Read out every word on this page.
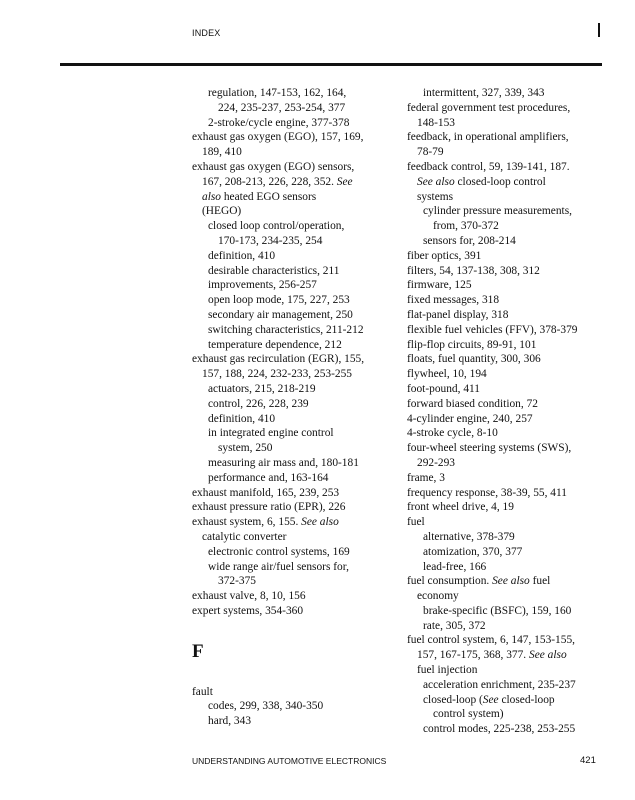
INDEX
regulation, 147-153, 162, 164,
224, 235-237, 253-254, 377
2-stroke/cycle engine, 377-378
exhaust gas oxygen (EGO), 157, 169,
189, 410
exhaust gas oxygen (EGO) sensors,
167, 208-213, 226, 228, 352. See
also heated EGO sensors
(HEGO)
closed loop control/operation,
170-173, 234-235, 254
definition, 410
desirable characteristics, 211
improvements, 256-257
open loop mode, 175, 227, 253
secondary air management, 250
switching characteristics, 211-212
temperature dependence, 212
exhaust gas recirculation (EGR), 155,
157, 188, 224, 232-233, 253-255
actuators, 215, 218-219
control, 226, 228, 239
definition, 410
in integrated engine control
system, 250
measuring air mass and, 180-181
performance and, 163-164
exhaust manifold, 165, 239, 253
exhaust pressure ratio (EPR), 226
exhaust system, 6, 155. See also
catalytic converter
electronic control systems, 169
wide range air/fuel sensors for,
372-375
exhaust valve, 8, 10, 156
expert systems, 354-360
F
fault
codes, 299, 338, 340-350
hard, 343
intermittent, 327, 339, 343
federal government test procedures,
148-153
feedback, in operational amplifiers,
78-79
feedback control, 59, 139-141, 187.
See also closed-loop control
systems
cylinder pressure measurements,
from, 370-372
sensors for, 208-214
fiber optics, 391
filters, 54, 137-138, 308, 312
firmware, 125
fixed messages, 318
flat-panel display, 318
flexible fuel vehicles (FFV), 378-379
flip-flop circuits, 89-91, 101
floats, fuel quantity, 300, 306
flywheel, 10, 194
foot-pound, 411
forward biased condition, 72
4-cylinder engine, 240, 257
4-stroke cycle, 8-10
four-wheel steering systems (SWS),
292-293
frame, 3
frequency response, 38-39, 55, 411
front wheel drive, 4, 19
fuel
alternative, 378-379
atomization, 370, 377
lead-free, 166
fuel consumption. See also fuel
economy
brake-specific (BSFC), 159, 160
rate, 305, 372
fuel control system, 6, 147, 153-155,
157, 167-175, 368, 377. See also
fuel injection
acceleration enrichment, 235-237
closed-loop (See closed-loop
control system)
control modes, 225-238, 253-255
UNDERSTANDING AUTOMOTIVE ELECTRONICS	421
